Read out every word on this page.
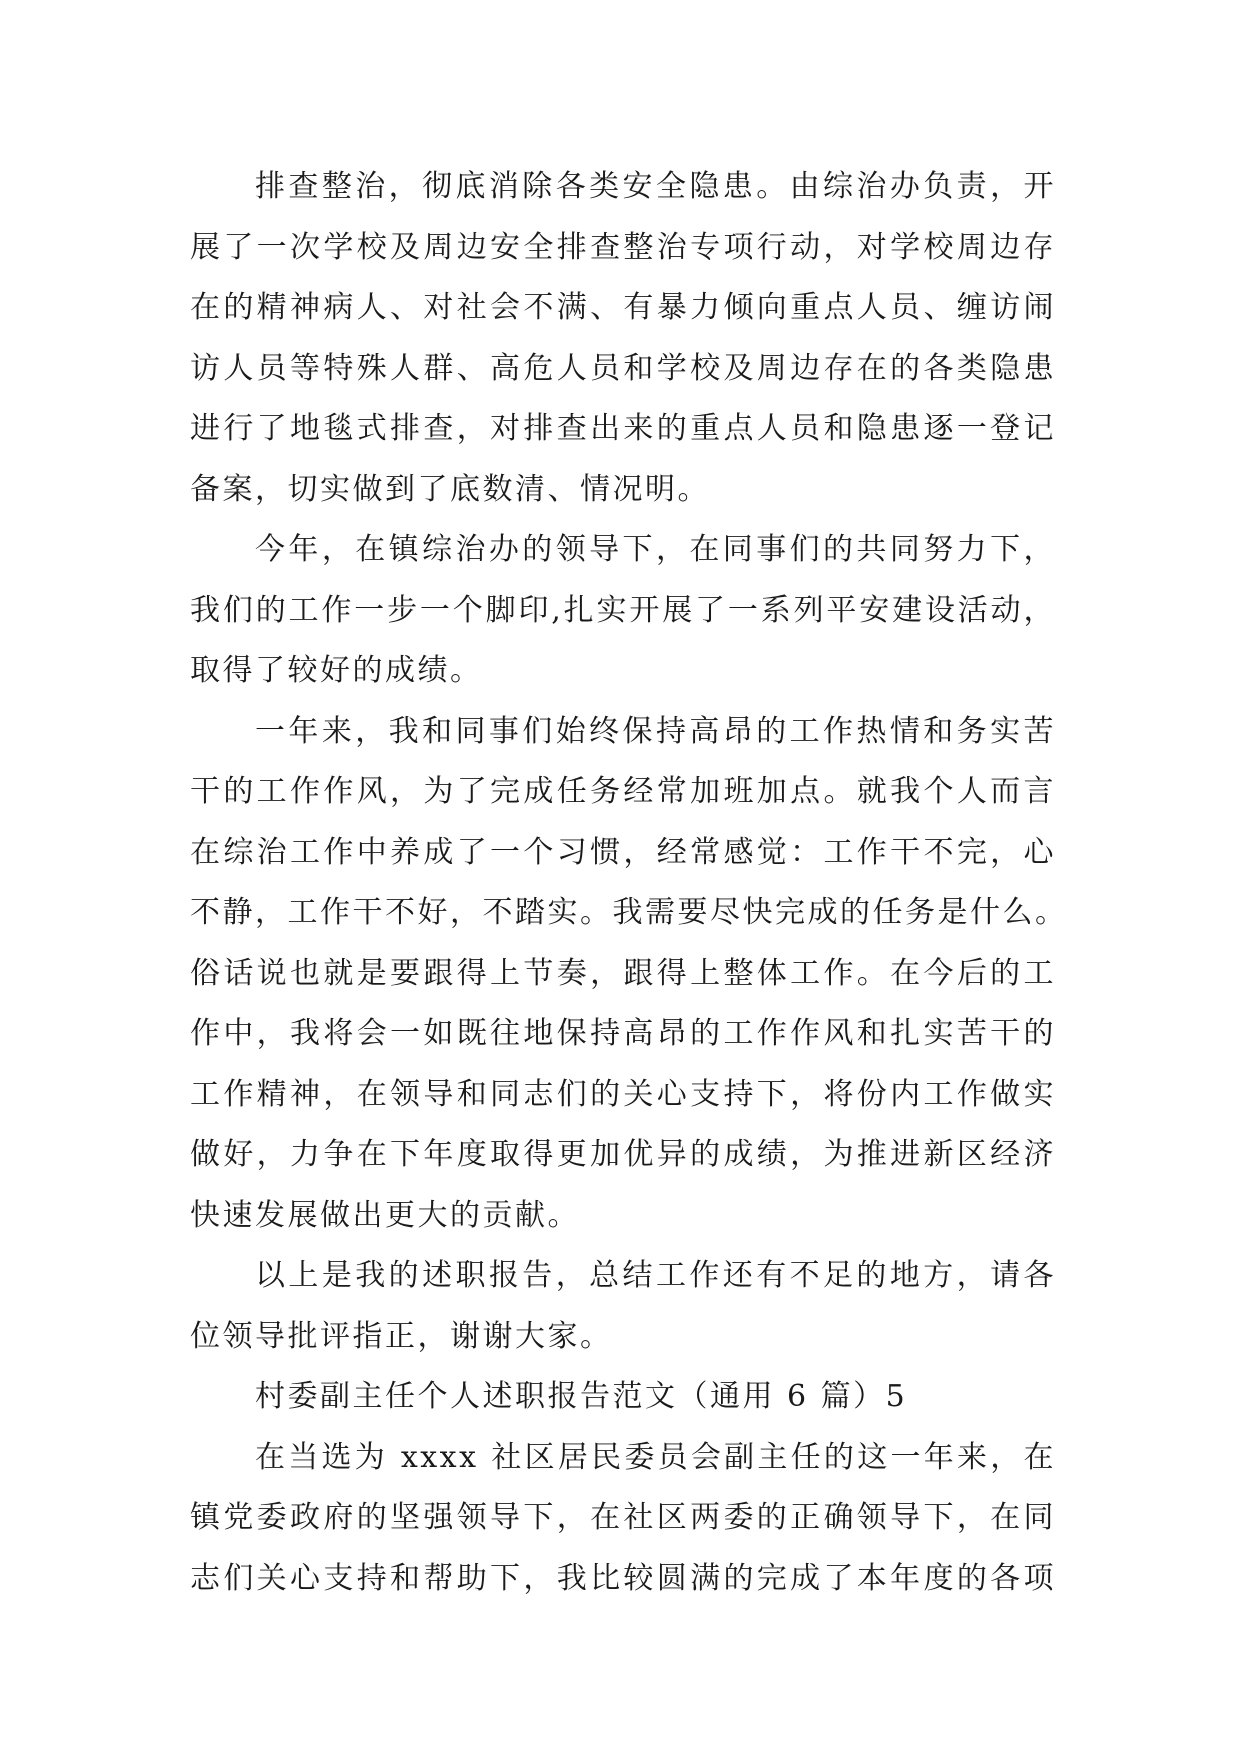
排查整治，彻底消除各类安全隐患。由综治办负责，开
展了一次学校及周边安全排查整治专项行动，对学校周边存
在的精神病人、对社会不满、有暴力倾向重点人员、缠访闹
访人员等特殊人群、高危人员和学校及周边存在的各类隐患
进行了地毯式排查，对排查出来的重点人员和隐患逐一登记
备案，切实做到了底数清、情况明。
今年，在镇综治办的领导下，在同事们的共同努力下，
我们的工作一步一个脚印,扎实开展了一系列平安建设活动，
取得了较好的成绩。
一年来，我和同事们始终保持高昂的工作热情和务实苦
干的工作作风，为了完成任务经常加班加点。就我个人而言
在综治工作中养成了一个习惯，经常感觉：工作干不完，心
不静，工作干不好，不踏实。我需要尽快完成的任务是什么。
俗话说也就是要跟得上节奏，跟得上整体工作。在今后的工
作中，我将会一如既往地保持高昂的工作作风和扎实苦干的
工作精神，在领导和同志们的关心支持下，将份内工作做实
做好，力争在下年度取得更加优异的成绩，为推进新区经济
快速发展做出更大的贡献。
以上是我的述职报告，总结工作还有不足的地方，请各
位领导批评指正，谢谢大家。
村委副主任个人述职报告范文（通用 6 篇）5
在当选为 xxxx 社区居民委员会副主任的这一年来，在
镇党委政府的坚强领导下，在社区两委的正确领导下，在同
志们关心支持和帮助下，我比较圆满的完成了本年度的各项
